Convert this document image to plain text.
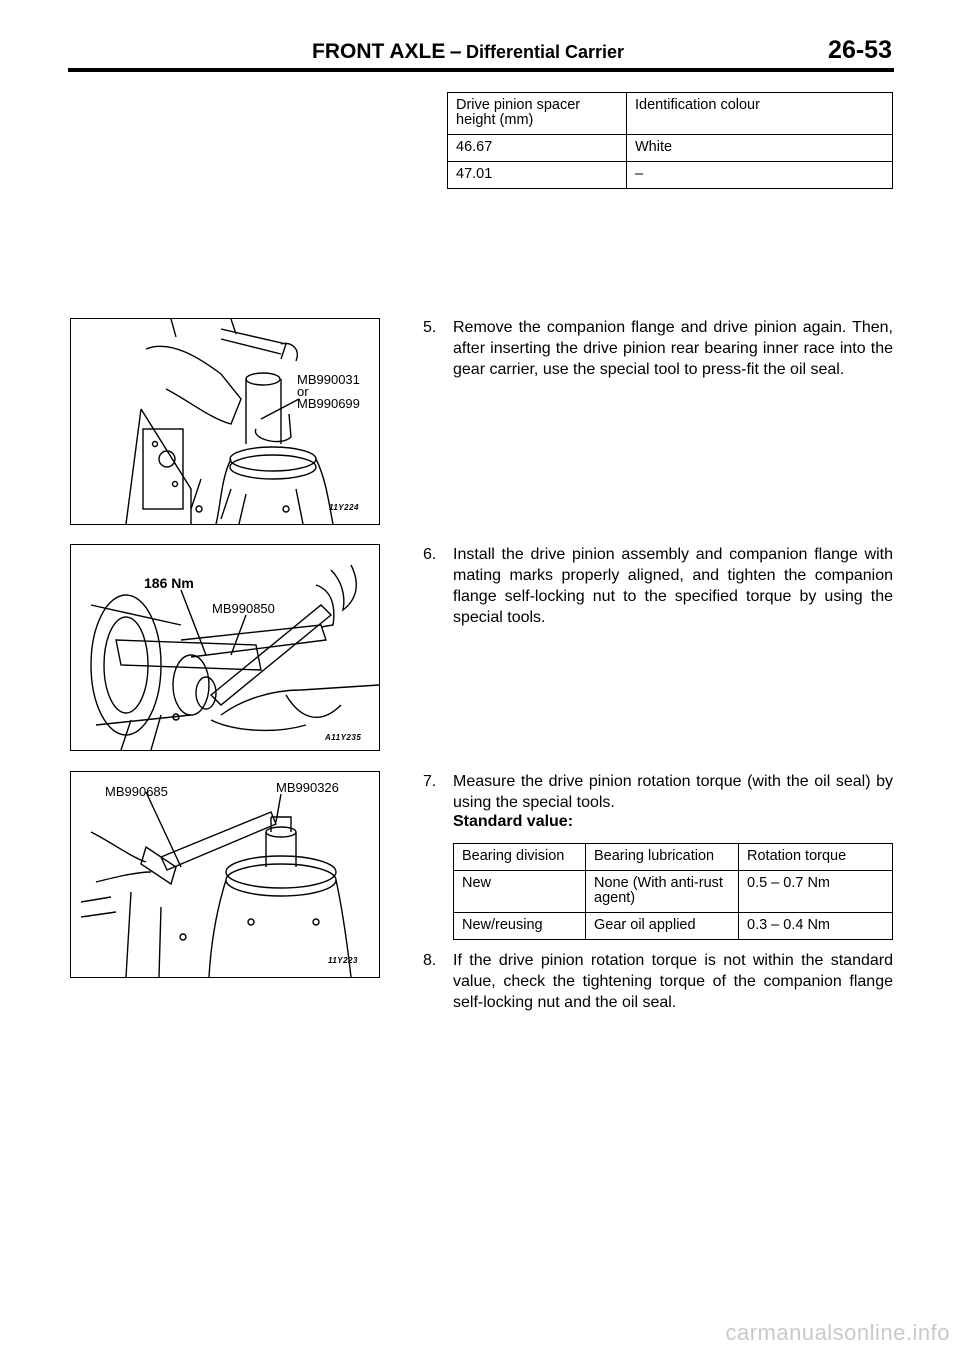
FRONT AXLE – Differential Carrier	26-53
Drive pinion spacer height (mm)	Identification colour
46.67	White
47.01	–
MB990031
or
MB990699
11Y224
5. Remove the companion flange and drive pinion again. Then, after inserting the drive pinion rear bearing inner race into the gear carrier, use the special tool to press-fit the oil seal.
186 Nm
MB990850
A11Y235
6. Install the drive pinion assembly and companion flange with mating marks properly aligned, and tighten the companion flange self-locking nut to the specified torque by using the special tools.
MB990685	MB990326
11Y223
7. Measure the drive pinion rotation torque (with the oil seal) by using the special tools.
Standard value:
Bearing division	Bearing lubrication	Rotation torque
New	None (With anti-rust agent)	0.5 – 0.7 Nm
New/reusing	Gear oil applied	0.3 – 0.4 Nm
8. If the drive pinion rotation torque is not within the standard value, check the tightening torque of the companion flange self-locking nut and the oil seal.
carmanualsonline.info
